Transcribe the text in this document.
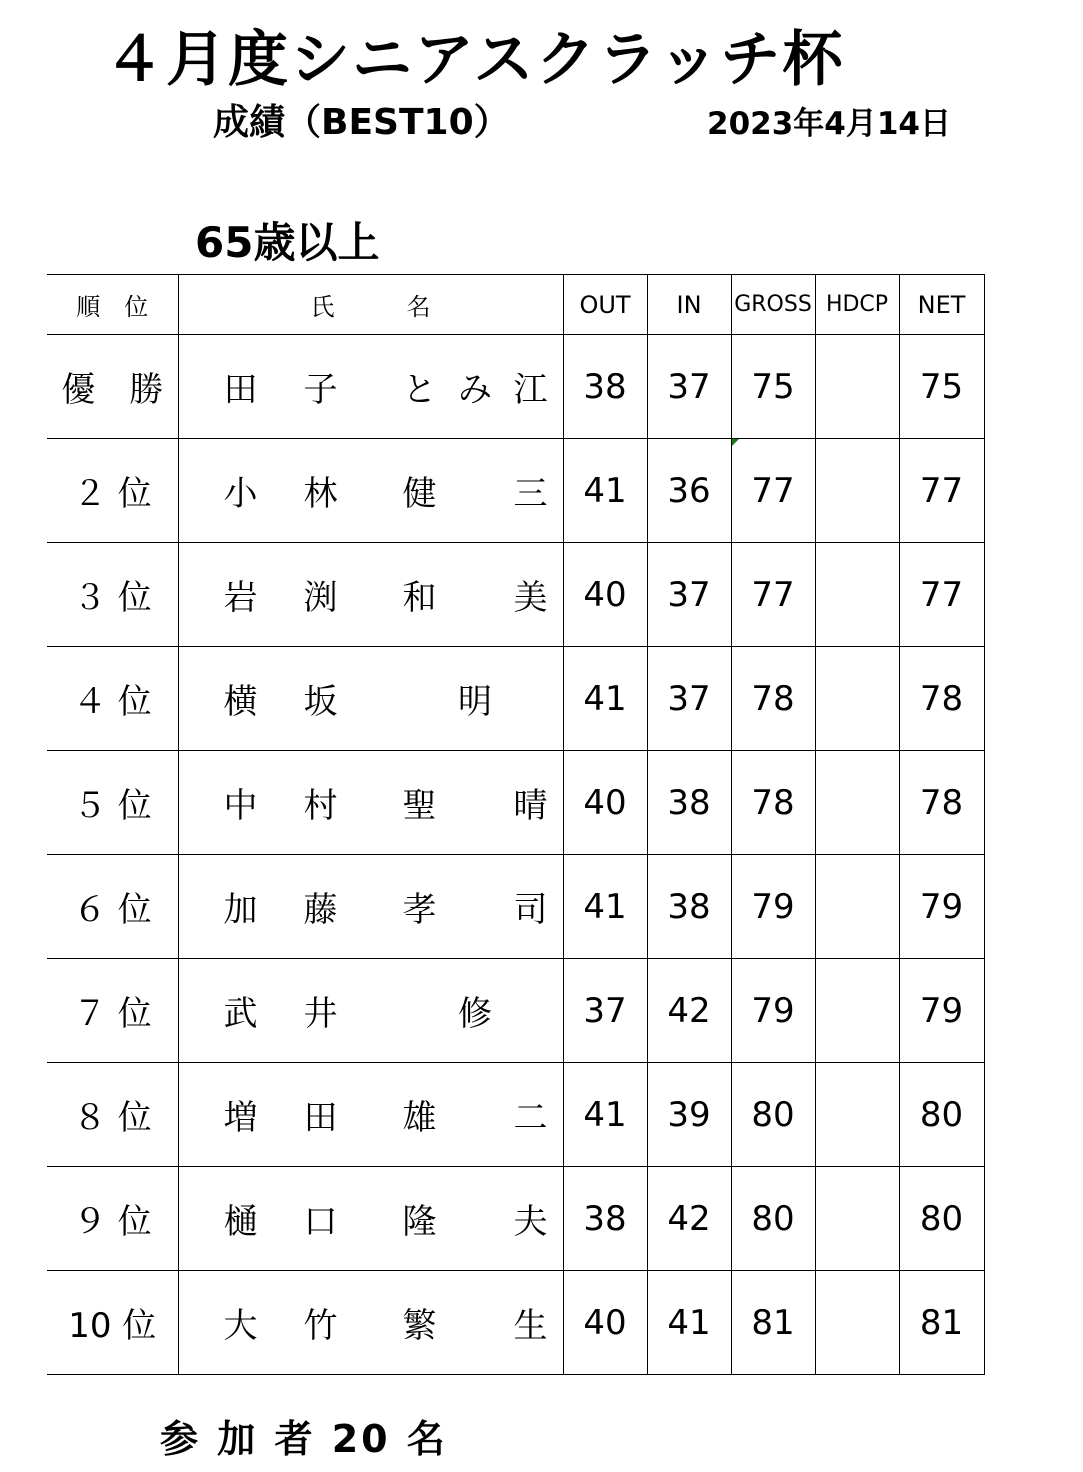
４月度シニアスクラッチ杯
成績（BEST10）	2023年4月14日
65歳以上
順　位	氏　　　名	OUT	IN	GROSS	HDCP	NET
優　勝	田 子 と み 江	38	37	75		75
２ 位	小 林 健 三	41	36	77		77
３ 位	岩 渕 和 美	40	37	77		77
４ 位	横 坂 明	41	37	78		78
５ 位	中 村 聖 晴	40	38	78		78
６ 位	加 藤 孝 司	41	38	79		79
７ 位	武 井 修	37	42	79		79
８ 位	増 田 雄 二	41	39	80		80
９ 位	樋 口 隆 夫	38	42	80		80
10 位	大 竹 繁 生	40	41	81		81
参 加 者 20 名
